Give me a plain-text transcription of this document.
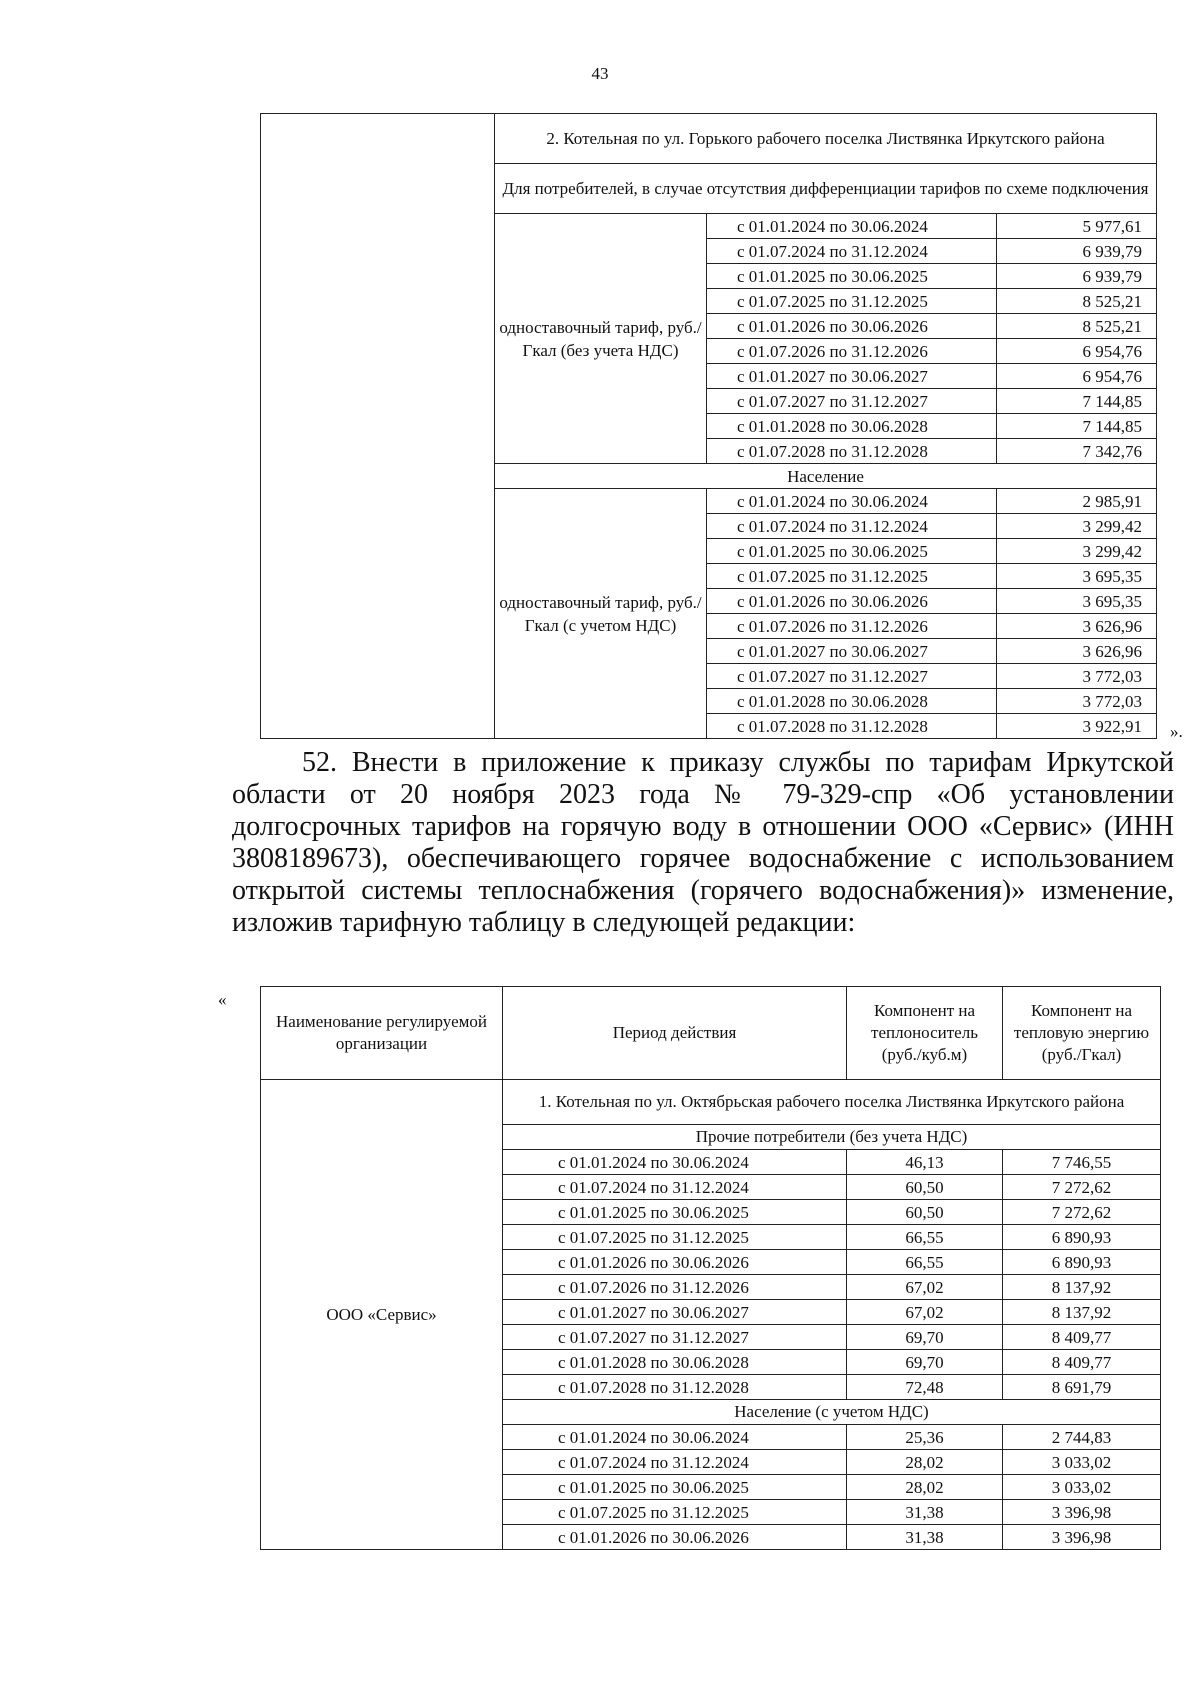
43
	2. Котельная по ул. Горького рабочего поселка Листвянка Иркутского района		
	Для потребителей, в случае отсутствия дифференциации тарифов по схеме подключения		
	одноставочный тариф, руб./Гкал (без учета НДС)	с 01.01.2024 по 30.06.2024	5 977,61
		с 01.07.2024 по 31.12.2024	6 939,79
		с 01.01.2025 по 30.06.2025	6 939,79
		с 01.07.2025 по 31.12.2025	8 525,21
		с 01.01.2026 по 30.06.2026	8 525,21
		с 01.07.2026 по 31.12.2026	6 954,76
		с 01.01.2027 по 30.06.2027	6 954,76
		с 01.07.2027 по 31.12.2027	7 144,85
		с 01.01.2028 по 30.06.2028	7 144,85
		с 01.07.2028 по 31.12.2028	7 342,76
	Население		
	одноставочный тариф, руб./Гкал (с учетом НДС)	с 01.01.2024 по 30.06.2024	2 985,91
		с 01.07.2024 по 31.12.2024	3 299,42
		с 01.01.2025 по 30.06.2025	3 299,42
		с 01.07.2025 по 31.12.2025	3 695,35
		с 01.01.2026 по 30.06.2026	3 695,35
		с 01.07.2026 по 31.12.2026	3 626,96
		с 01.01.2027 по 30.06.2027	3 626,96
		с 01.07.2027 по 31.12.2027	3 772,03
		с 01.01.2028 по 30.06.2028	3 772,03
		с 01.07.2028 по 31.12.2028	3 922,91 ».

52. Внести в приложение к приказу службы по тарифам Иркутской области от 20 ноября 2023 года № 79-329-спр «Об установлении долгосрочных тарифов на горячую воду в отношении ООО «Сервис» (ИНН 3808189673), обеспечивающего горячее водоснабжение с использованием открытой системы теплоснабжения (горячего водоснабжения)» изменение, изложив тарифную таблицу в следующей редакции:

«
Наименование регулируемой организации	Период действия	Компонент на теплоноситель (руб./куб.м)	Компонент на тепловую энергию (руб./Гкал)
ООО «Сервис»	1. Котельная по ул. Октябрьская рабочего поселка Листвянка Иркутского района		
	Прочие потребители (без учета НДС)		
	с 01.01.2024 по 30.06.2024	46,13	7 746,55
	с 01.07.2024 по 31.12.2024	60,50	7 272,62
	с 01.01.2025 по 30.06.2025	60,50	7 272,62
	с 01.07.2025 по 31.12.2025	66,55	6 890,93
	с 01.01.2026 по 30.06.2026	66,55	6 890,93
	с 01.07.2026 по 31.12.2026	67,02	8 137,92
	с 01.01.2027 по 30.06.2027	67,02	8 137,92
	с 01.07.2027 по 31.12.2027	69,70	8 409,77
	с 01.01.2028 по 30.06.2028	69,70	8 409,77
	с 01.07.2028 по 31.12.2028	72,48	8 691,79
	Население (с учетом НДС)		
	с 01.01.2024 по 30.06.2024	25,36	2 744,83
	с 01.07.2024 по 31.12.2024	28,02	3 033,02
	с 01.01.2025 по 30.06.2025	28,02	3 033,02
	с 01.07.2025 по 31.12.2025	31,38	3 396,98
	с 01.01.2026 по 30.06.2026	31,38	3 396,98
